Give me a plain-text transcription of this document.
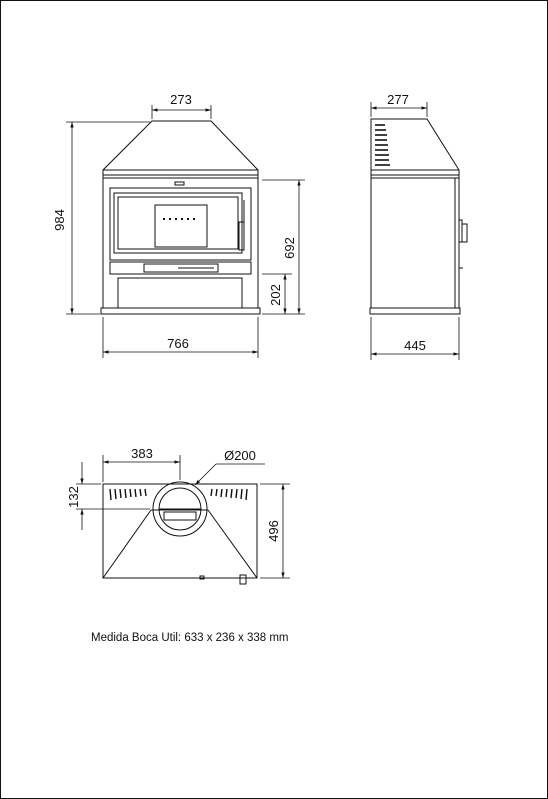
273
984
692
202
766
277
445
383	Ø200
132
496
Medida Boca Util: 633 x 236 x 338 mm
